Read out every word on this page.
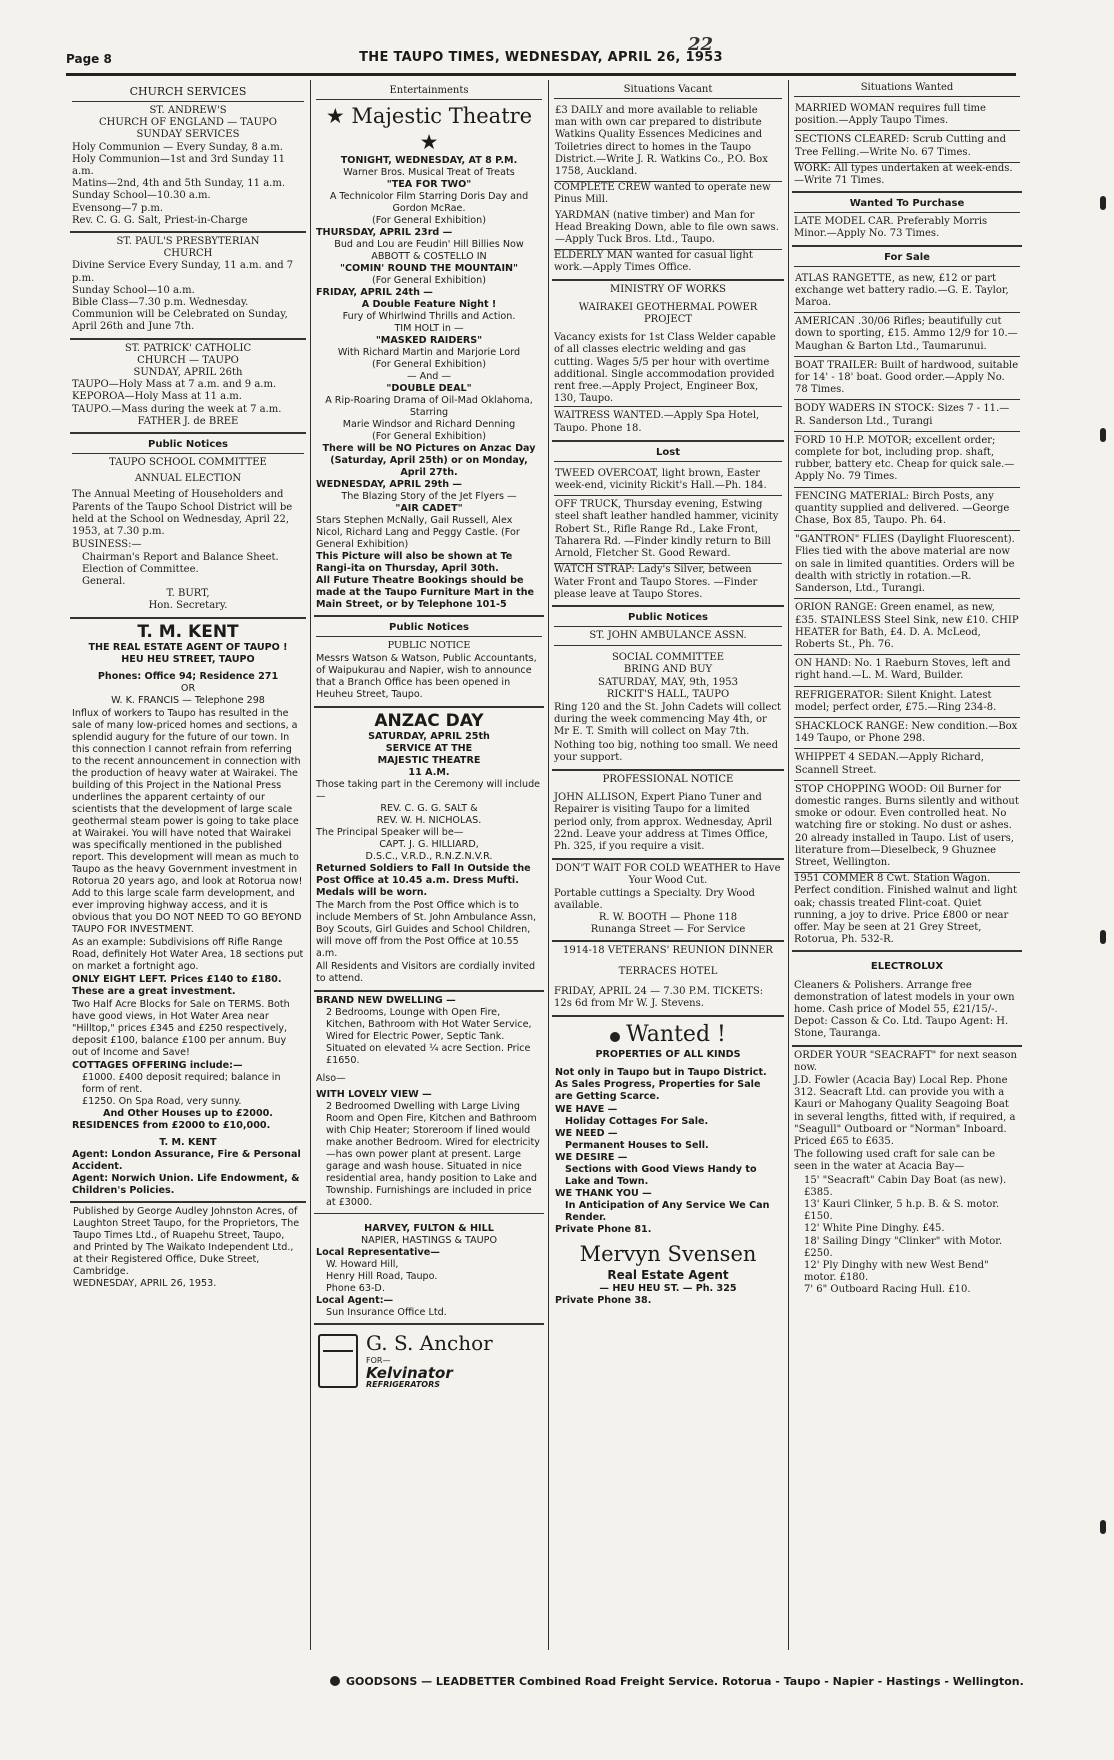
22
Page 8	THE TAUPO TIMES, WEDNESDAY, APRIL 26, 1953
CHURCH SERVICES
ST. ANDREW'S
CHURCH OF ENGLAND — TAUPO
SUNDAY SERVICES
Holy Communion — Every Sunday, 8 a.m.
Holy Communion—1st and 3rd Sunday 11 a.m.
Matins—2nd, 4th and 5th Sunday, 11 a.m.
Sunday School—10.30 a.m.
Evensong—7 p.m.
Rev. C. G. G. Salt, Priest-in-Charge
ST. PAUL'S PRESBYTERIAN
CHURCH
Divine Service Every Sunday, 11 a.m. and 7 p.m.
Sunday School—10 a.m.
Bible Class—7.30 p.m. Wednesday.
Communion will be Celebrated on Sunday, April 26th and June 7th.
ST. PATRICK' CATHOLIC
CHURCH — TAUPO
SUNDAY, APRIL 26th
TAUPO—Holy Mass at 7 a.m. and 9 a.m.
KEPOROA—Holy Mass at 11 a.m.
TAUPO.—Mass during the week at 7 a.m.
FATHER J. de BREE
Public Notices
TAUPO SCHOOL COMMITTEE
ANNUAL ELECTION
The Annual Meeting of Householders and Parents of the Taupo School District will be held at the School on Wednesday, April 22, 1953, at 7.30 p.m.
BUSINESS:—
Chairman's Report and Balance Sheet.
Election of Committee.
General.
T. BURT,
Hon. Secretary.
T. M. KENT
THE REAL ESTATE AGENT OF TAUPO !
HEU HEU STREET, TAUPO
Phones: Office 94; Residence 271
OR
W. K. FRANCIS — Telephone 298
Influx of workers to Taupo has resulted in the sale of many low-priced homes and sections, a splendid augury for the future of our town. In this connection I cannot refrain from referring to the recent announcement in connection with the production of heavy water at Wairakei. The building of this Project in the National Press underlines the apparent certainty of our scientists that the development of large scale geothermal steam power is going to take place at Wairakei. You will have noted that Wairakei was specifically mentioned in the published report. This development will mean as much to Taupo as the heavy Government investment in Rotorua 20 years ago, and look at Rotorua now! Add to this large scale farm development, and ever improving highway access, and it is obvious that you DO NOT NEED TO GO BEYOND TAUPO FOR INVESTMENT.
As an example: Subdivisions off Rifle Range Road, definitely Hot Water Area, 18 sections put on market a fortnight ago.
ONLY EIGHT LEFT. Prices £140 to £180. These are a great investment.
Two Half Acre Blocks for Sale on TERMS. Both have good views, in Hot Water Area near "Hilltop," prices £345 and £250 respectively, deposit £100, balance £100 per annum. Buy out of Income and Save!
COTTAGES OFFERING include:—
£1000. £400 deposit required; balance in form of rent.
£1250. On Spa Road, very sunny.
And Other Houses up to £2000.
RESIDENCES from £2000 to £10,000.
T. M. KENT
Agent: London Assurance, Fire & Personal Accident.
Agent: Norwich Union. Life Endowment, & Children's Policies.
Published by George Audley Johnston Acres, of Laughton Street Taupo, for the Proprietors, The Taupo Times Ltd., of Ruapehu Street, Taupo, and Printed by The Waikato Independent Ltd., at their Registered Office, Duke Street, Cambridge.
WEDNESDAY, APRIL 26, 1953.
Entertainments
★ Majestic Theatre ★
TONIGHT, WEDNESDAY, AT 8 P.M.
Warner Bros. Musical Treat of Treats
"TEA FOR TWO"
A Technicolor Film Starring Doris Day and Gordon McRae.
(For General Exhibition)
THURSDAY, APRIL 23rd —
Bud and Lou are Feudin' Hill Billies Now
ABBOTT & COSTELLO IN
"COMIN' ROUND THE MOUNTAIN"
(For General Exhibition)
FRIDAY, APRIL 24th —
A Double Feature Night !
Fury of Whirlwind Thrills and Action.
TIM HOLT in —
"MASKED RAIDERS"
With Richard Martin and Marjorie Lord
(For General Exhibition)
— And —
"DOUBLE DEAL"
A Rip-Roaring Drama of Oil-Mad Oklahoma, Starring
Marie Windsor and Richard Denning
(For General Exhibition)
There will be NO Pictures on Anzac Day (Saturday, April 25th) or on Monday, April 27th.
WEDNESDAY, APRIL 29th —
The Blazing Story of the Jet Flyers —
"AIR CADET"
Stars Stephen McNally, Gail Russell, Alex Nicol, Richard Lang and Peggy Castle. (For General Exhibition)
This Picture will also be shown at Te Rangi-ita on Thursday, April 30th.
All Future Theatre Bookings should be made at the Taupo Furniture Mart in the Main Street, or by Telephone 101-5
Public Notices
PUBLIC NOTICE
Messrs Watson & Watson, Public Accountants, of Waipukurau and Napier, wish to announce that a Branch Office has been opened in Heuheu Street, Taupo.
ANZAC DAY
SATURDAY, APRIL 25th
SERVICE AT THE
MAJESTIC THEATRE
11 A.M.
Those taking part in the Ceremony will include—
REV. C. G. G. SALT &
REV. W. H. NICHOLAS.
The Principal Speaker will be—
CAPT. J. G. HILLIARD,
D.S.C., V.R.D., R.N.Z.N.V.R.
Returned Soldiers to Fall In Outside the Post Office at 10.45 a.m. Dress Mufti. Medals will be worn.
The March from the Post Office which is to include Members of St. John Ambulance Assn, Boy Scouts, Girl Guides and School Children, will move off from the Post Office at 10.55 a.m.
All Residents and Visitors are cordially invited to attend.
BRAND NEW DWELLING —
2 Bedrooms, Lounge with Open Fire, Kitchen, Bathroom with Hot Water Service, Wired for Electric Power, Septic Tank. Situated on elevated ¼ acre Section. Price £1650.
Also—
WITH LOVELY VIEW —
2 Bedroomed Dwelling with Large Living Room and Open Fire, Kitchen and Bathroom with Chip Heater; Storeroom if lined would make another Bedroom. Wired for electricity —has own power plant at present. Large garage and wash house. Situated in nice residential area, handy position to Lake and Township. Furnishings are included in price at £3000.
HARVEY, FULTON & HILL
NAPIER, HASTINGS & TAUPO
Local Representative—
W. Howard Hill,
Henry Hill Road, Taupo.
Phone 63-D.
Local Agent:—
Sun Insurance Office Ltd.
G. S. Anchor
FOR—
Kelvinator
REFRIGERATORS
Situations Vacant
£3 DAILY and more available to reliable man with own car prepared to distribute Watkins Quality Essences Medicines and Toiletries direct to homes in the Taupo District.—Write J. R. Watkins Co., P.O. Box 1758, Auckland.
COMPLETE CREW wanted to operate new Pinus Mill.
YARDMAN (native timber) and Man for Head Breaking Down, able to file own saws.—Apply Tuck Bros. Ltd., Taupo.
ELDERLY MAN wanted for casual light work.—Apply Times Office.
MINISTRY OF WORKS
WAIRAKEI GEOTHERMAL POWER PROJECT
Vacancy exists for 1st Class Welder capable of all classes electric welding and gas cutting. Wages 5/5 per hour with overtime additional. Single accommodation provided rent free.—Apply Project, Engineer Box, 130, Taupo.
WAITRESS WANTED.—Apply Spa Hotel, Taupo. Phone 18.
Lost
TWEED OVERCOAT, light brown, Easter week-end, vicinity Rickit's Hall.—Ph. 184.
OFF TRUCK, Thursday evening, Estwing steel shaft leather handled hammer, vicinity Robert St., Rifle Range Rd., Lake Front, Taharera Rd. —Finder kindly return to Bill Arnold, Fletcher St. Good Reward.
WATCH STRAP: Lady's Silver, between Water Front and Taupo Stores. —Finder please leave at Taupo Stores.
Public Notices
ST. JOHN AMBULANCE ASSN.
SOCIAL COMMITTEE
BRING AND BUY
SATURDAY, MAY, 9th, 1953
RICKIT'S HALL, TAUPO
Ring 120 and the St. John Cadets will collect during the week commencing May 4th, or Mr E. T. Smith will collect on May 7th.
Nothing too big, nothing too small. We need your support.
PROFESSIONAL NOTICE
JOHN ALLISON, Expert Piano Tuner and Repairer is visiting Taupo for a limited period only, from approx. Wednesday, April 22nd. Leave your address at Times Office, Ph. 325, if you require a visit.
DON'T WAIT FOR COLD WEATHER to Have Your Wood Cut.
Portable cuttings a Specialty. Dry Wood available.
R. W. BOOTH — Phone 118
Runanga Street — For Service
1914-18 VETERANS' REUNION DINNER
TERRACES HOTEL
FRIDAY, APRIL 24 — 7.30 P.M. TICKETS: 12s 6d from Mr W. J. Stevens.
Wanted !
PROPERTIES OF ALL KINDS
Not only in Taupo but in Taupo District. As Sales Progress, Properties for Sale are Getting Scarce.
WE HAVE —
Holiday Cottages For Sale.
WE NEED —
Permanent Houses to Sell.
WE DESIRE —
Sections with Good Views Handy to Lake and Town.
WE THANK YOU —
In Anticipation of Any Service We Can Render.
Private Phone 81.
Mervyn Svensen
Real Estate Agent
— HEU HEU ST. — Ph. 325
Private Phone 38.
Situations Wanted
MARRIED WOMAN requires full time position.—Apply Taupo Times.
SECTIONS CLEARED: Scrub Cutting and Tree Felling.—Write No. 67 Times.
WORK: All types undertaken at week-ends.—Write 71 Times.
Wanted To Purchase
LATE MODEL CAR. Preferably Morris Minor.—Apply No. 73 Times.
For Sale
ATLAS RANGETTE, as new, £12 or part exchange wet battery radio.—G. E. Taylor, Maroa.
AMERICAN .30/06 Rifles; beautifully cut down to sporting, £15. Ammo 12/9 for 10.—Maughan & Barton Ltd., Taumarunui.
BOAT TRAILER: Built of hardwood, suitable for 14' - 18' boat. Good order.—Apply No. 78 Times.
BODY WADERS IN STOCK: Sizes 7 - 11.—R. Sanderson Ltd., Turangi
FORD 10 H.P. MOTOR; excellent order; complete for bot, including prop. shaft, rubber, battery etc. Cheap for quick sale.—Apply No. 79 Times.
FENCING MATERIAL: Birch Posts, any quantity supplied and delivered. —George Chase, Box 85, Taupo. Ph. 64.
"GANTRON" FLIES (Daylight Fluorescent). Flies tied with the above material are now on sale in limited quantities. Orders will be dealth with strictly in rotation.—R. Sanderson, Ltd., Turangi.
ORION RANGE: Green enamel, as new, £35. STAINLESS Steel Sink, new £10. CHIP HEATER for Bath, £4. D. A. McLeod, Roberts St., Ph. 76.
ON HAND: No. 1 Raeburn Stoves, left and right hand.—L. M. Ward, Builder.
REFRIGERATOR: Silent Knight. Latest model; perfect order, £75.—Ring 234-8.
SHACKLOCK RANGE: New condition.—Box 149 Taupo, or Phone 298.
WHIPPET 4 SEDAN.—Apply Richard, Scannell Street.
STOP CHOPPING WOOD: Oil Burner for domestic ranges. Burns silently and without smoke or odour. Even controlled heat. No watching fire or stoking. No dust or ashes. 20 already installed in Taupo. List of users, literature from—Dieselbeck, 9 Ghuznee Street, Wellington.
1951 COMMER 8 Cwt. Station Wagon. Perfect condition. Finished walnut and light oak; chassis treated Flint-coat. Quiet running, a joy to drive. Price £800 or near offer. May be seen at 21 Grey Street, Rotorua, Ph. 532-R.
ELECTROLUX
Cleaners & Polishers. Arrange free demonstration of latest models in your own home. Cash price of Model 55, £21/15/-. Depot: Casson & Co. Ltd. Taupo Agent: H. Stone, Tauranga.
ORDER YOUR "SEACRAFT" for next season now.
J.D. Fowler (Acacia Bay) Local Rep. Phone 312. Seacraft Ltd. can provide you with a Kauri or Mahogany Quality Seagoing Boat in several lengths, fitted with, if required, a "Seagull" Outboard or "Norman" Inboard. Priced £65 to £635.
The following used craft for sale can be seen in the water at Acacia Bay—
15' "Seacraft" Cabin Day Boat (as new). £385.
13' Kauri Clinker, 5 h.p. B. & S. motor. £150.
12' White Pine Dinghy. £45.
18' Sailing Dingy "Clinker" with Motor. £250.
12' Ply Dinghy with new West Bend" motor. £180.
7' 6" Outboard Racing Hull. £10.
GOODSONS — LEADBETTER Combined Road Freight Service. Rotorua - Taupo - Napier - Hastings - Wellington.
